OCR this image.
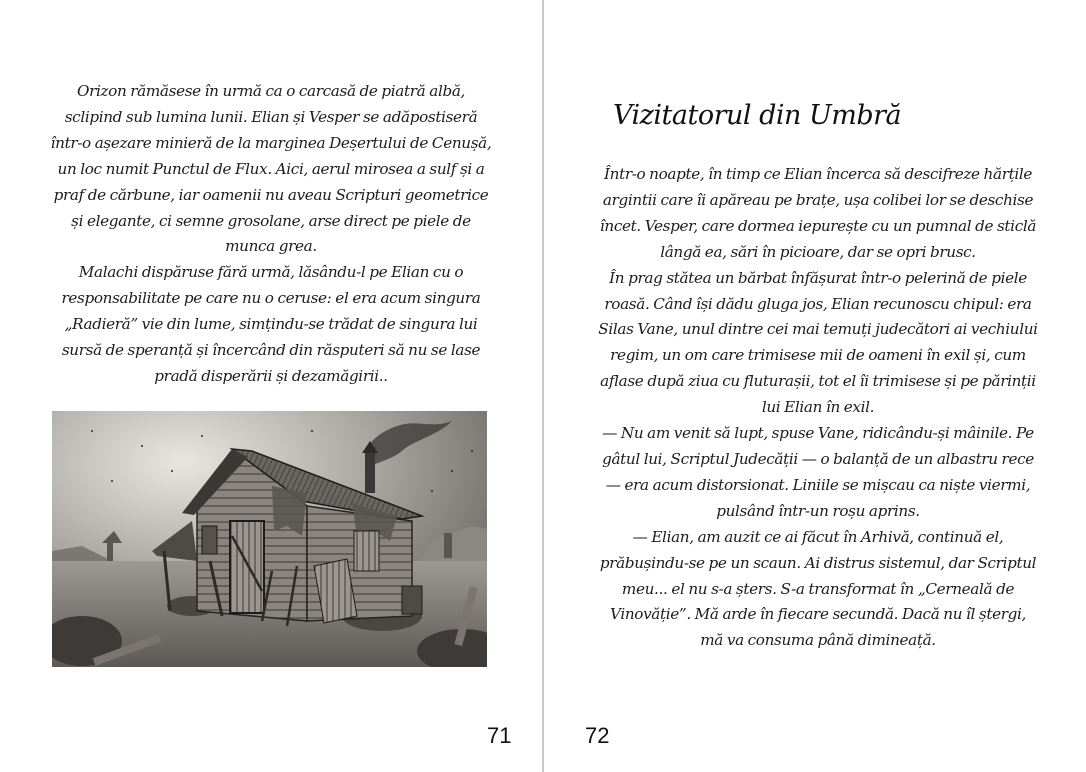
Orizon rămăsese în urmă ca o carcasă de piatră albă, sclipind sub lumina lunii. Elian și Vesper se adăpostiseră într-o așezare minieră de la marginea Deșertului de Cenușă, un loc numit Punctul de Flux. Aici, aerul mirosea a sulf și a praf de cărbune, iar oamenii nu aveau Scripturi geometrice și elegante, ci semne grosolane, arse direct pe piele de munca grea.

Malachi dispăruse fără urmă, lăsându-l pe Elian cu o responsabilitate pe care nu o ceruse: el era acum singura „Radieră” vie din lume, simțindu-se trădat de singura lui sursă de speranță și încercând din răsputeri să nu se lase pradă disperării și dezamăgirii..

71
Vizitatorul din Umbră

Într-o noapte, în timp ce Elian încerca să descifreze hărțile argintii care îi apăreau pe brațe, ușa colibei lor se deschise încet. Vesper, care dormea iepurește cu un pumnal de sticlă lângă ea, sări în picioare, dar se opri brusc.

În prag stătea un bărbat înfășurat într-o pelerină de piele roasă. Când își dădu gluga jos, Elian recunoscu chipul: era Silas Vane, unul dintre cei mai temuți judecători ai vechiului regim, un om care trimisese mii de oameni în exil și, cum aflase după ziua cu fluturașii, tot el îi trimisese și pe părinții lui Elian în exil.

— Nu am venit să lupt, spuse Vane, ridicându-și mâinile. Pe gâtul lui, Scriptul Judecății — o balanță de un albastru rece — era acum distorsionat. Liniile se mișcau ca niște viermi, pulsând într-un roșu aprins.

— Elian, am auzit ce ai făcut în Arhivă, continuă el, prăbușindu-se pe un scaun. Ai distrus sistemul, dar Scriptul meu... el nu s-a șters. S-a transformat în „Cerneală de Vinovăție”. Mă arde în fiecare secundă. Dacă nu îl ștergi, mă va consuma până dimineață.

72
